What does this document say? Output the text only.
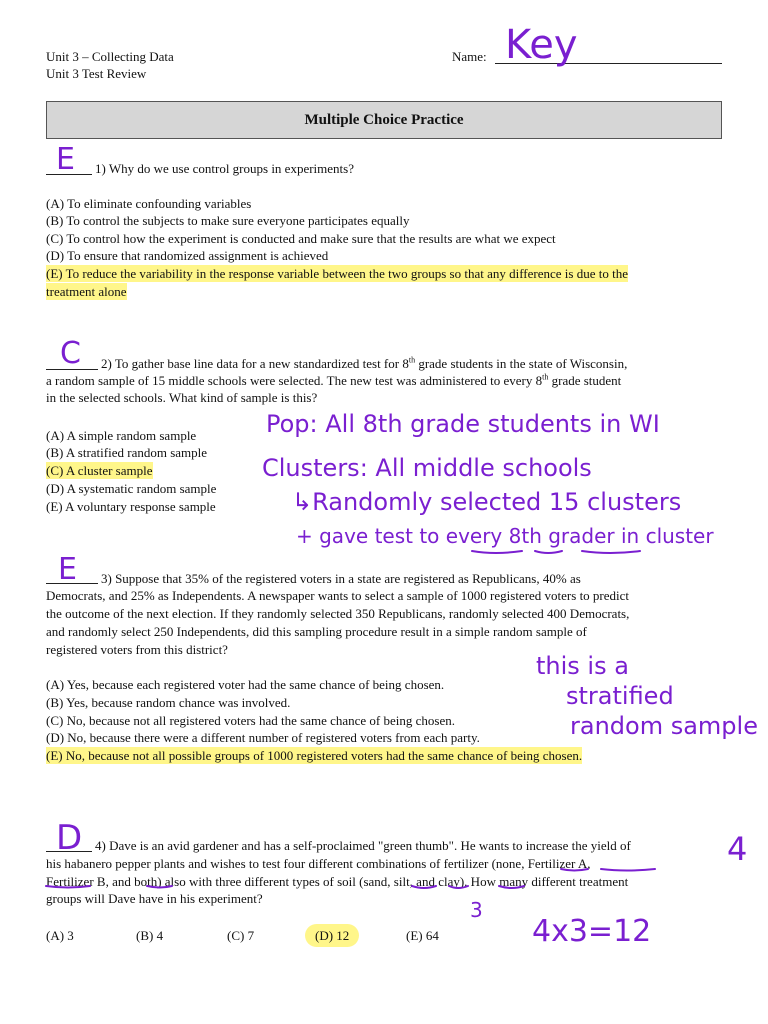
Unit 3 – Collecting Data
Unit 3 Test Review
Name: Key
Multiple Choice Practice
E 1) Why do we use control groups in experiments?
(A) To eliminate confounding variables
(B) To control the subjects to make sure everyone participates equally
(C) To control how the experiment is conducted and make sure that the results are what we expect
(D) To ensure that randomized assignment is achieved
(E) To reduce the variability in the response variable between the two groups so that any difference is due to the
treatment alone
C 2) To gather base line data for a new standardized test for 8th grade students in the state of Wisconsin,
a random sample of 15 middle schools were selected. The new test was administered to every 8th grade student
in the selected schools. What kind of sample is this?
(A) A simple random sample
(B) A stratified random sample
(C) A cluster sample
(D) A systematic random sample
(E) A voluntary response sample
Pop: All 8th grade students in WI
Clusters: All middle schools
↳Randomly selected 15 clusters
+ gave test to every 8th grader in cluster
E 3) Suppose that 35% of the registered voters in a state are registered as Republicans, 40% as
Democrats, and 25% as Independents. A newspaper wants to select a sample of 1000 registered voters to predict
the outcome of the next election. If they randomly selected 350 Republicans, randomly selected 400 Democrats,
and randomly select 250 Independents, did this sampling procedure result in a simple random sample of
registered voters from this district?
(A) Yes, because each registered voter had the same chance of being chosen.
(B) Yes, because random chance was involved.
(C) No, because not all registered voters had the same chance of being chosen.
(D) No, because there were a different number of registered voters from each party.
(E) No, because not all possible groups of 1000 registered voters had the same chance of being chosen.
this is a
stratified
random sample
D 4) Dave is an avid gardener and has a self-proclaimed "green thumb". He wants to increase the yield of
his habanero pepper plants and wishes to test four different combinations of fertilizer (none, Fertilizer A,
Fertilizer B, and both) also with three different types of soil (sand, silt, and clay). How many different treatment
groups will Dave have in his experiment?
(A) 3	(B) 4	(C) 7	(D) 12	(E) 64
4
3
4x3=12
